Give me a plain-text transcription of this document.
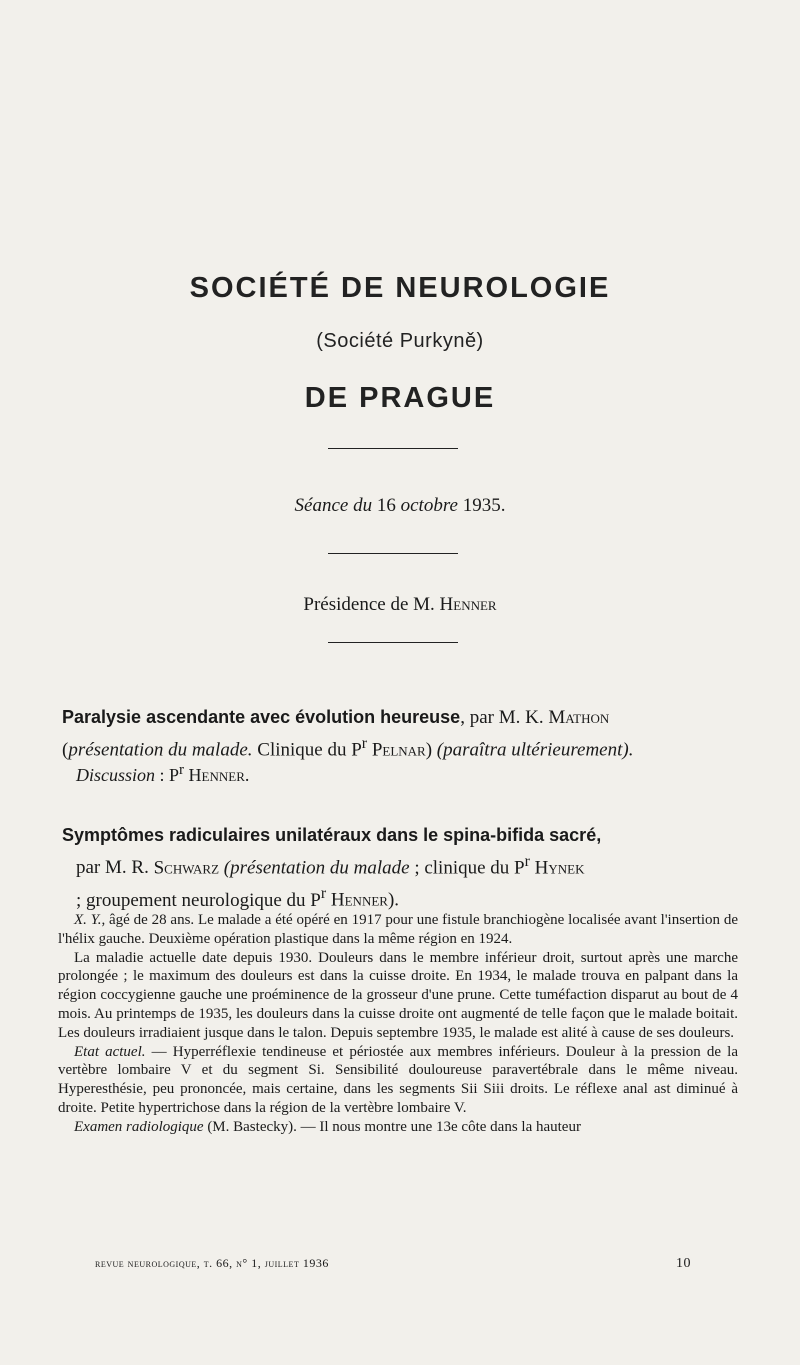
SOCIÉTÉ DE NEUROLOGIE
(Société Purkyně)
DE PRAGUE
Séance du 16 octobre 1935.
Présidence de M. Henner
Paralysie ascendante avec évolution heureuse, par M. K. Mathon
(présentation du malade. Clinique du $P^r$ Pelnar) (paraîtra ultérieurement).
Discussion : $P^r$ Henner.
Symptômes radiculaires unilatéraux dans le spina-bifida sacré,
par M. R. Schwarz (présentation du malade ; clinique du $P^r$ Hynek
; groupement neurologique du $P^r$ Henner).

X. Y., âgé de 28 ans. Le malade a été opéré en 1917 pour une fistule branchiogène localisée avant l'insertion de l'hélix gauche. Deuxième opération plastique dans la même région en 1924.

La maladie actuelle date depuis 1930. Douleurs dans le membre inférieur droit, surtout après une marche prolongée ; le maximum des douleurs est dans la cuisse droite. En 1934, le malade trouva en palpant dans la région coccygienne gauche une proéminence de la grosseur d'une prune. Cette tuméfaction disparut au bout de 4 mois. Au printemps de 1935, les douleurs dans la cuisse droite ont augmenté de telle façon que le malade boitait. Les douleurs irradiaient jusque dans le talon. Depuis septembre 1935, le malade est alité à cause de ses douleurs.

Etat actuel. — Hyperréflexie tendineuse et périostée aux membres inférieurs. Douleur à la pression de la vertèbre lombaire V et du segment Si. Sensibilité douloureuse paravertébrale dans le même niveau. Hyperesthésie, peu prononcée, mais certaine, dans les segments Sii Siii droits. Le réflexe anal ast diminué à droite. Petite hypertrichose dans la région de la vertèbre lombaire V.

Examen radiologique (M. Bastecky). — Il nous montre une 13e côte dans la hauteur

revue neurologique, t. 66, n° 1, juillet 1936	10
